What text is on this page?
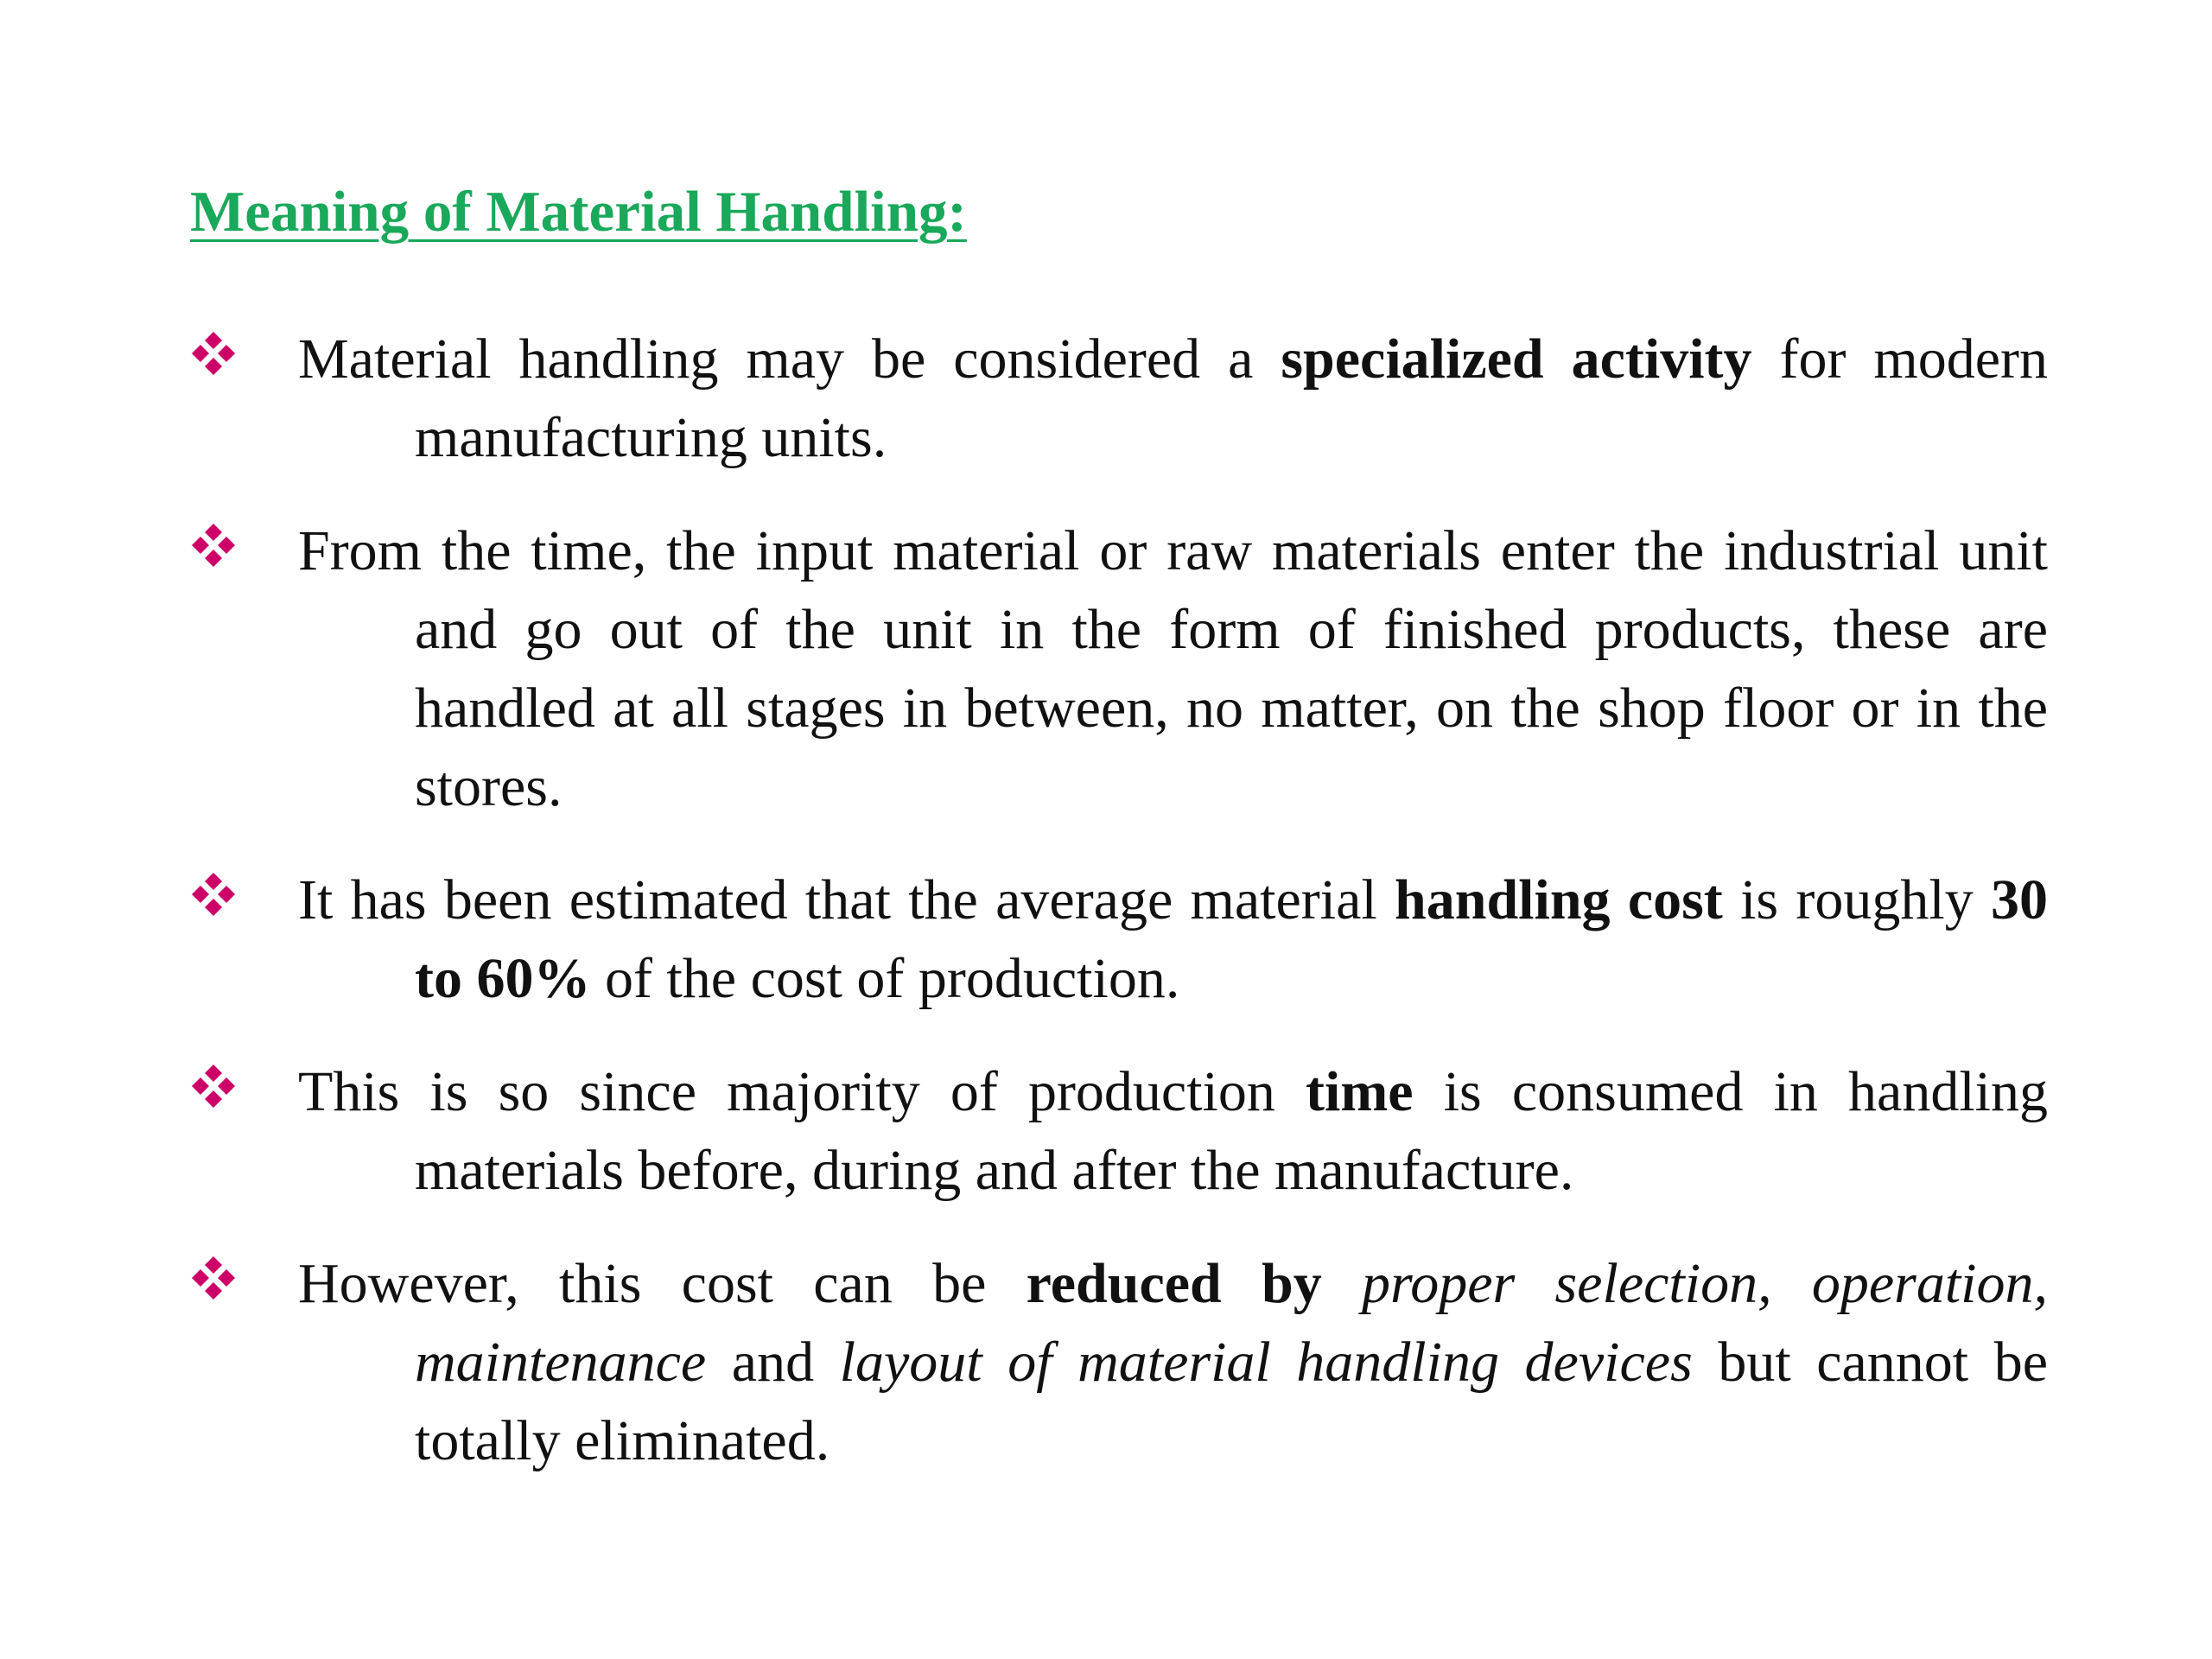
Meaning of Material Handling:
Material handling may be considered a specialized activity for modern manufacturing units.
From the time, the input material or raw materials enter the industrial unit and go out of the unit in the form of finished products, these are handled at all stages in between, no matter, on the shop floor or in the stores.
It has been estimated that the average material handling cost is roughly 30 to 60% of the cost of production.
This is so since majority of production time is consumed in handling materials before, during and after the manufacture.
However, this cost can be reduced by proper selection, operation, maintenance and layout of material handling devices but cannot be totally eliminated.
